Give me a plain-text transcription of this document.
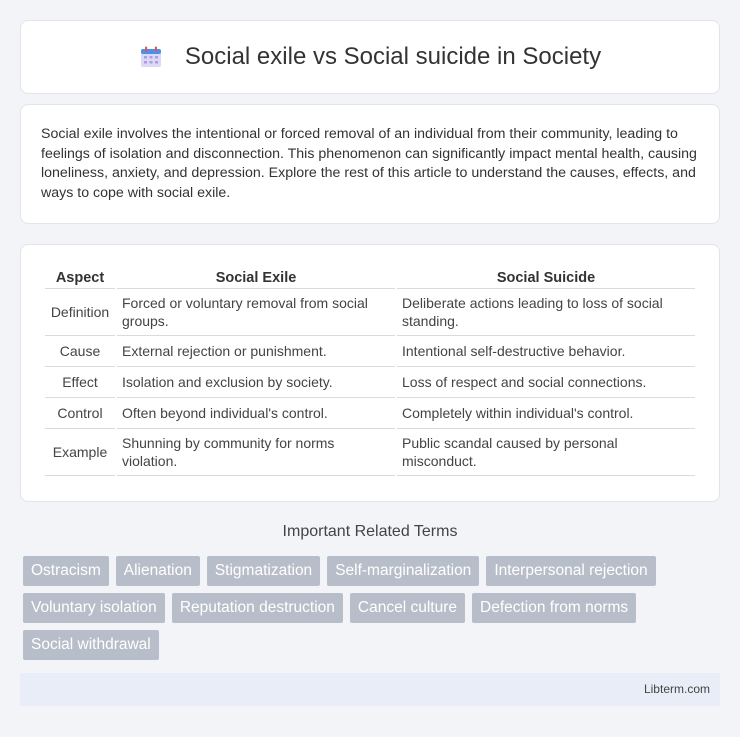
Social exile vs Social suicide in Society

Social exile involves the intentional or forced removal of an individual from their community, leading to feelings of isolation and disconnection. This phenomenon can significantly impact mental health, causing loneliness, anxiety, and depression. Explore the rest of this article to understand the causes, effects, and ways to cope with social exile.

Aspect	Social Exile	Social Suicide
Definition	Forced or voluntary removal from social groups.	Deliberate actions leading to loss of social standing.
Cause	External rejection or punishment.	Intentional self-destructive behavior.
Effect	Isolation and exclusion by society.	Loss of respect and social connections.
Control	Often beyond individual's control.	Completely within individual's control.
Example	Shunning by community for norms violation.	Public scandal caused by personal misconduct.
Important Related Terms
Ostracism	Alienation	Stigmatization	Self-marginalization	Interpersonal rejection
Voluntary isolation	Reputation destruction	Cancel culture	Defection from norms
Social withdrawal
Libterm.com
